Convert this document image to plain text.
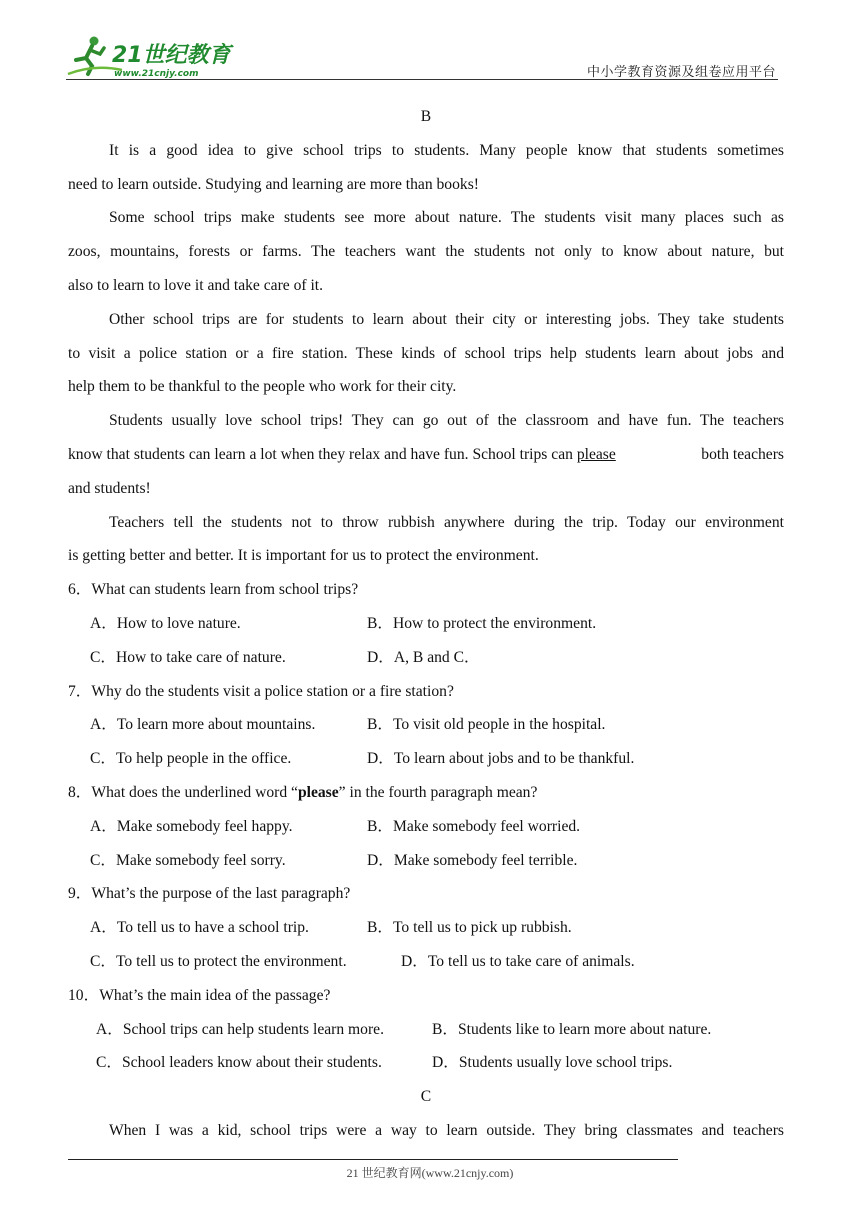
21世纪教育
www.21cnjy.com	中小学教育资源及组卷应用平台
B
It is a good idea to give school trips to students. Many people know that students sometimes
need to learn outside. Studying and learning are more than books!
Some school trips make students see more about nature. The students visit many places such as
zoos, mountains, forests or farms. The teachers want the students not only to know about nature, but
also to learn to love it and take care of it.
Other school trips are for students to learn about their city or interesting jobs. They take students
to visit a police station or a fire station. These kinds of school trips help students learn about jobs and
help them to be thankful to the people who work for their city.
Students usually love school trips! They can go out of the classroom and have fun. The teachers
know that students can learn a lot when they relax and have fun. School trips can please	both teachers
and students!
Teachers tell the students not to throw rubbish anywhere during the trip. Today our environment
is getting better and better. It is important for us to protect the environment.
6．What can students learn from school trips?
A．How to love nature.	B．How to protect the environment.
C．How to take care of nature.	D．A, B and C．
7．Why do the students visit a police station or a fire station?
A．To learn more about mountains.	B．To visit old people in the hospital.
C．To help people in the office.	D．To learn about jobs and to be thankful.
8．What does the underlined word “please” in the fourth paragraph mean?
A．Make somebody feel happy.	B．Make somebody feel worried.
C．Make somebody feel sorry.	D．Make somebody feel terrible.
9．What’s the purpose of the last paragraph?
A．To tell us to have a school trip.	B．To tell us to pick up rubbish.
C．To tell us to protect the environment.	D．To tell us to take care of animals.
10．What’s the main idea of the passage?
A．School trips can help students learn more.	B．Students like to learn more about nature.
C．School leaders know about their students.	D．Students usually love school trips.
C
When I was a kid, school trips were a way to learn outside. They bring classmates and teachers
21 世纪教育网(www.21cnjy.com)
